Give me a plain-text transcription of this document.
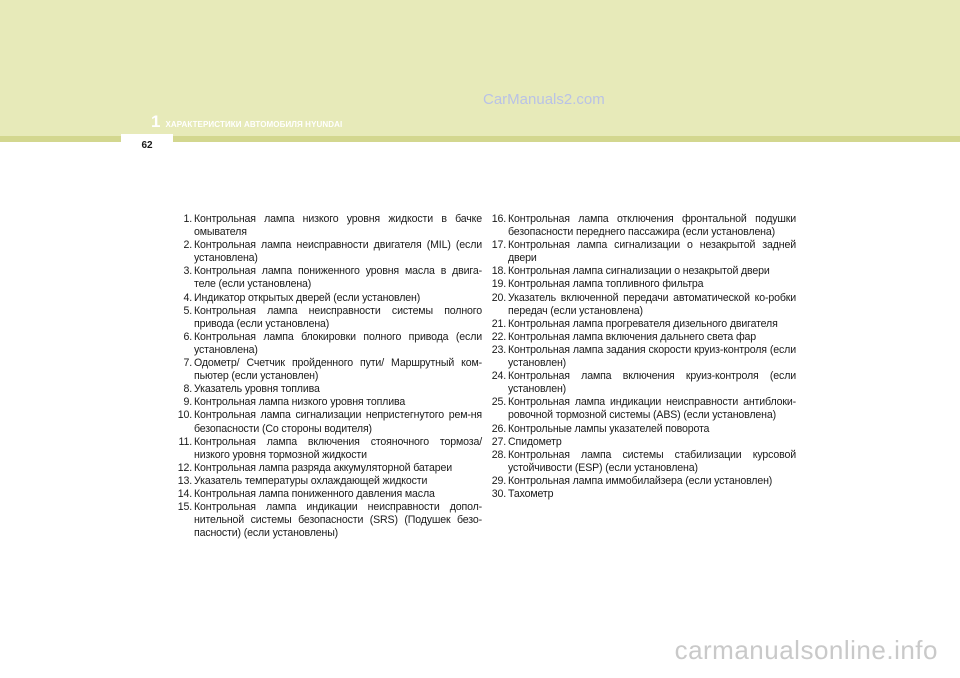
1 ХАРАКТЕРИСТИКИ АВТОМОБИЛЯ HYUNDAI
CarManuals2.com
62
1. Контрольная лампа низкого уровня жидкости в бачке омывателя
2. Контрольная лампа неисправности двигателя (MIL) (если установлена)
3. Контрольная лампа пониженного уровня масла в двига-теле (если установлена)
4. Индикатор открытых дверей (если установлен)
5. Контрольная лампа неисправности системы полного привода (если установлена)
6. Контрольная лампа блокировки полного привода (если установлена)
7. Одометр/ Счетчик пройденного пути/ Маршрутный ком-пьютер (если установлен)
8. Указатель уровня топлива
9. Контрольная лампа низкого уровня топлива
10. Контрольная лампа сигнализации непристегнутого рем-ня безопасности (Со стороны водителя)
11. Контрольная лампа включения стояночного тормоза/ низкого уровня тормозной жидкости
12. Контрольная лампа разряда аккумуляторной батареи
13. Указатель температуры охлаждающей жидкости
14. Контрольная лампа пониженного давления масла
15. Контрольная лампа индикации неисправности допол-нительной системы безопасности (SRS) (Подушек безо-пасности) (если установлены)
16. Контрольная лампа отключения фронтальной подушки безопасности переднего пассажира (если установлена)
17. Контрольная лампа сигнализации о незакрытой задней двери
18. Контрольная лампа сигнализации о незакрытой двери
19. Контрольная лампа топливного фильтра
20. Указатель включенной передачи автоматической ко-робки передач (если установлена)
21. Контрольная лампа прогревателя дизельного двигателя
22. Контрольная лампа включения дальнего света фар
23. Контрольная лампа задания скорости круиз-контроля (если установлен)
24. Контрольная лампа включения круиз-контроля (если установлен)
25. Контрольная лампа индикации неисправности антиблоки-ровочной тормозной системы (ABS) (если установлена)
26. Контрольные лампы указателей поворота
27. Спидометр
28. Контрольная лампа системы стабилизации курсовой устойчивости (ESP) (если установлена)
29. Контрольная лампа иммобилайзера (если установлен)
30. Тахометр
carmanualsonline.info
